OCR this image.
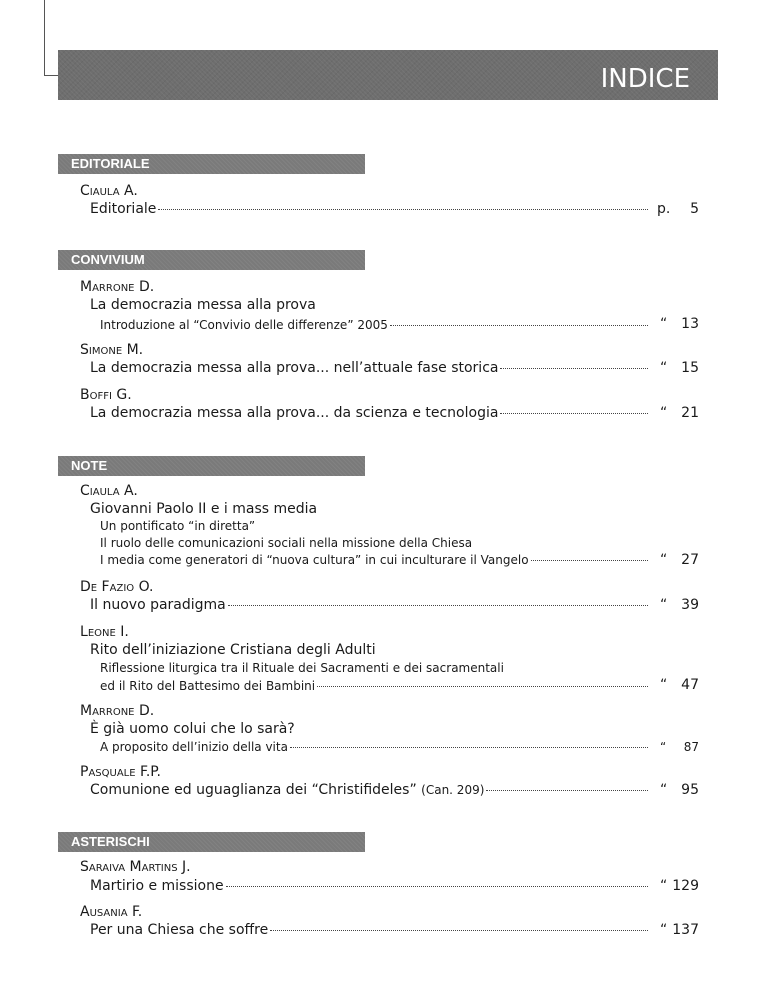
INDICE
EDITORIALE
CIAULA A.
Editoriale	p. 5
CONVIVIUM
MARRONE D.
La democrazia messa alla prova
Introduzione al “Convivio delle differenze” 2005	“ 13
SIMONE M.
La democrazia messa alla prova... nell’attuale fase storica	“ 15
BOFFI G.
La democrazia messa alla prova... da scienza e tecnologia	“ 21
NOTE
CIAULA A.
Giovanni Paolo II e i mass media
Un pontificato “in diretta”
Il ruolo delle comunicazioni sociali nella missione della Chiesa
I media come generatori di “nuova cultura” in cui inculturare il Vangelo	“ 27
DE FAZIO O.
Il nuovo paradigma	“ 39
LEONE I.
Rito dell’iniziazione Cristiana degli Adulti
Riflessione liturgica tra il Rituale dei Sacramenti e dei sacramentali
ed il Rito del Battesimo dei Bambini	“ 47
MARRONE D.
È già uomo colui che lo sarà?
A proposito dell’inizio della vita	“ 87
PASQUALE F.P.
Comunione ed uguaglianza dei “Christifideles”
(Can. 209)	“ 95
ASTERISCHI
SARAIVA MARTINS J.
Martirio e missione	“ 129
AUSANIA F.
Per una Chiesa che soffre	“ 137
